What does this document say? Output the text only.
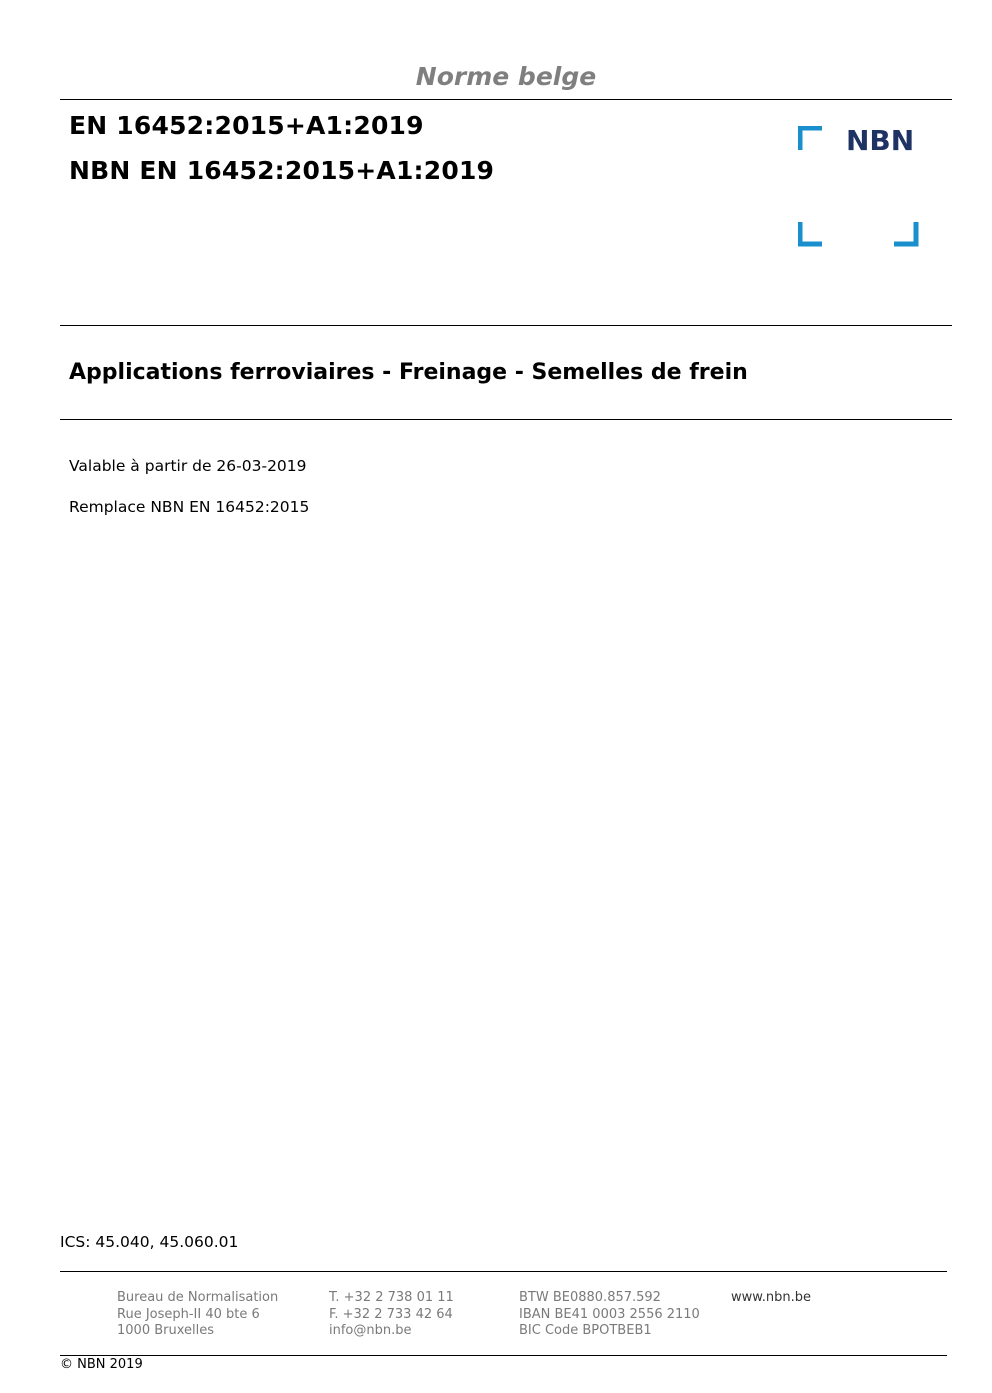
Norme belge
EN 16452:2015+A1:2019
NBN EN 16452:2015+A1:2019
NBN
Applications ferroviaires - Freinage - Semelles de frein
Valable à partir de 26-03-2019
Remplace NBN EN 16452:2015
ICS: 45.040, 45.060.01
Bureau de Normalisation
Rue Joseph-II 40 bte 6
1000 Bruxelles
T. +32 2 738 01 11
F. +32 2 733 42 64
info@nbn.be
BTW BE0880.857.592
IBAN BE41 0003 2556 2110
BIC Code BPOTBEB1
www.nbn.be
© NBN 2019
